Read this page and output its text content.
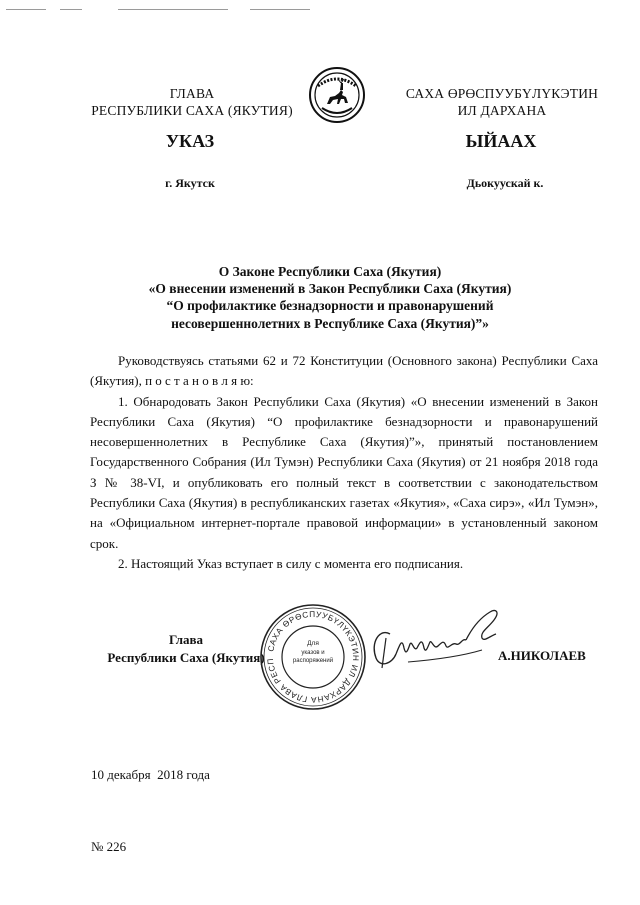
ГЛАВА
РЕСПУБЛИКИ САХА (ЯКУТИЯ)
САХА ӨРӨСПУУБҮЛҮКЭТИН
ИЛ ДАРХАНА
УКАЗ	ЫЙААХ
г. Якутск	Дьокуускай к.
О Законе Республики Саха (Якутия)
«О внесении изменений в Закон Республики Саха (Якутия)
“О профилактике безнадзорности и правонарушений
несовершеннолетних в Республике Саха (Якутия)”»
Руководствуясь статьями 62 и 72 Конституции (Основного закона) Республики Саха (Якутия), п о с т а н о в л я ю:
1. Обнародовать Закон Республики Саха (Якутия) «О внесении изменений в Закон Республики Саха (Якутия) “О профилактике безнадзорности и правонарушений несовершеннолетних в Республике Саха (Якутия)”», принятый постановлением Государственного Собрания (Ил Тумэн) Республики Саха (Якутия) от 21 ноября 2018 года З № 38-VI, и опубликовать его полный текст в соответствии с законодательством Республики Саха (Якутия) в республиканских газетах «Якутия», «Саха сирэ», «Ил Тумэн», на «Официальном интернет-портале правовой информации» в установленный законом срок.
2. Настоящий Указ вступает в силу с момента его подписания.
Глава
Республики Саха (Якутия)
САХА ӨРӨСПУУБҮЛҮКЭТИН ИЛ ДАРХАНА ГЛАВА РЕСП
Для
указов и
распоряжений	А.НИКОЛАЕВ

10 декабря  2018 года

№ 226
